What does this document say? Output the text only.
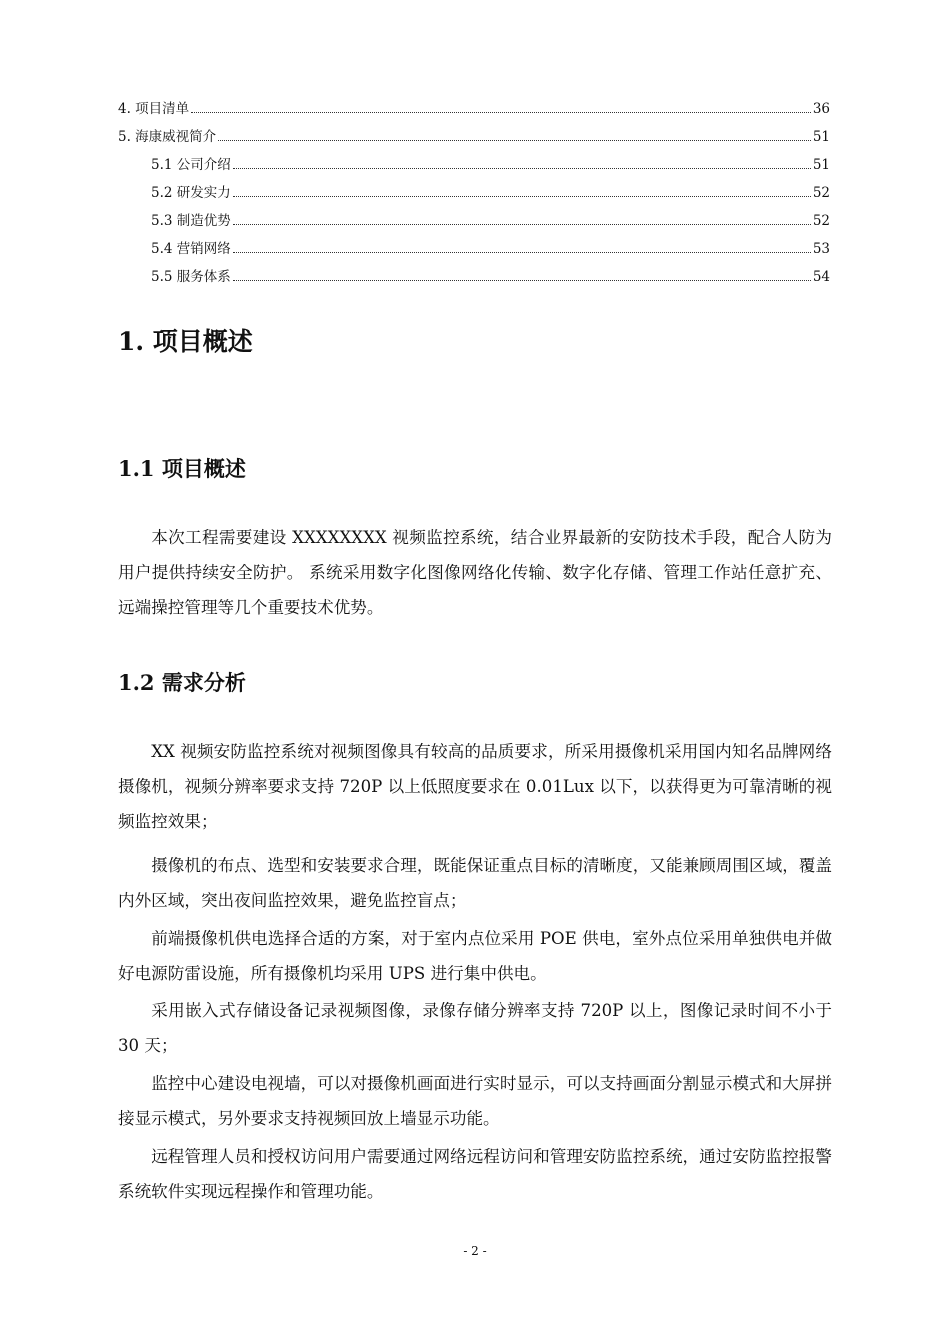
4. 项目清单	36
5. 海康威视简介	51
5.1 公司介绍	51
5.2 研发实力	52
5.3 制造优势	52
5.4 营销网络	53
5.5 服务体系	54
1. 项目概述
1.1 项目概述

本次工程需要建设 XXXXXXXX 视频监控系统，结合业界最新的安防技术手段，配合人防为用户提供持续安全防护。 系统采用数字化图像网络化传输、数字化存储、管理工作站任意扩充、远端操控管理等几个重要技术优势。

1.2 需求分析

XX 视频安防监控系统对视频图像具有较高的品质要求，所采用摄像机采用国内知名品牌网络摄像机，视频分辨率要求支持 720P 以上低照度要求在 0.01Lux 以下，以获得更为可靠清晰的视频监控效果；

摄像机的布点、选型和安装要求合理，既能保证重点目标的清晰度，又能兼顾周围区域，覆盖内外区域，突出夜间监控效果，避免监控盲点；

前端摄像机供电选择合适的方案，对于室内点位采用 POE 供电，室外点位采用单独供电并做好电源防雷设施，所有摄像机均采用 UPS 进行集中供电。

采用嵌入式存储设备记录视频图像，录像存储分辨率支持 720P 以上，图像记录时间不小于 30 天；

监控中心建设电视墙，可以对摄像机画面进行实时显示，可以支持画面分割显示模式和大屏拼接显示模式，另外要求支持视频回放上墙显示功能。

远程管理人员和授权访问用户需要通过网络远程访问和管理安防监控系统，通过安防监控报警系统软件实现远程操作和管理功能。

- 2 -
